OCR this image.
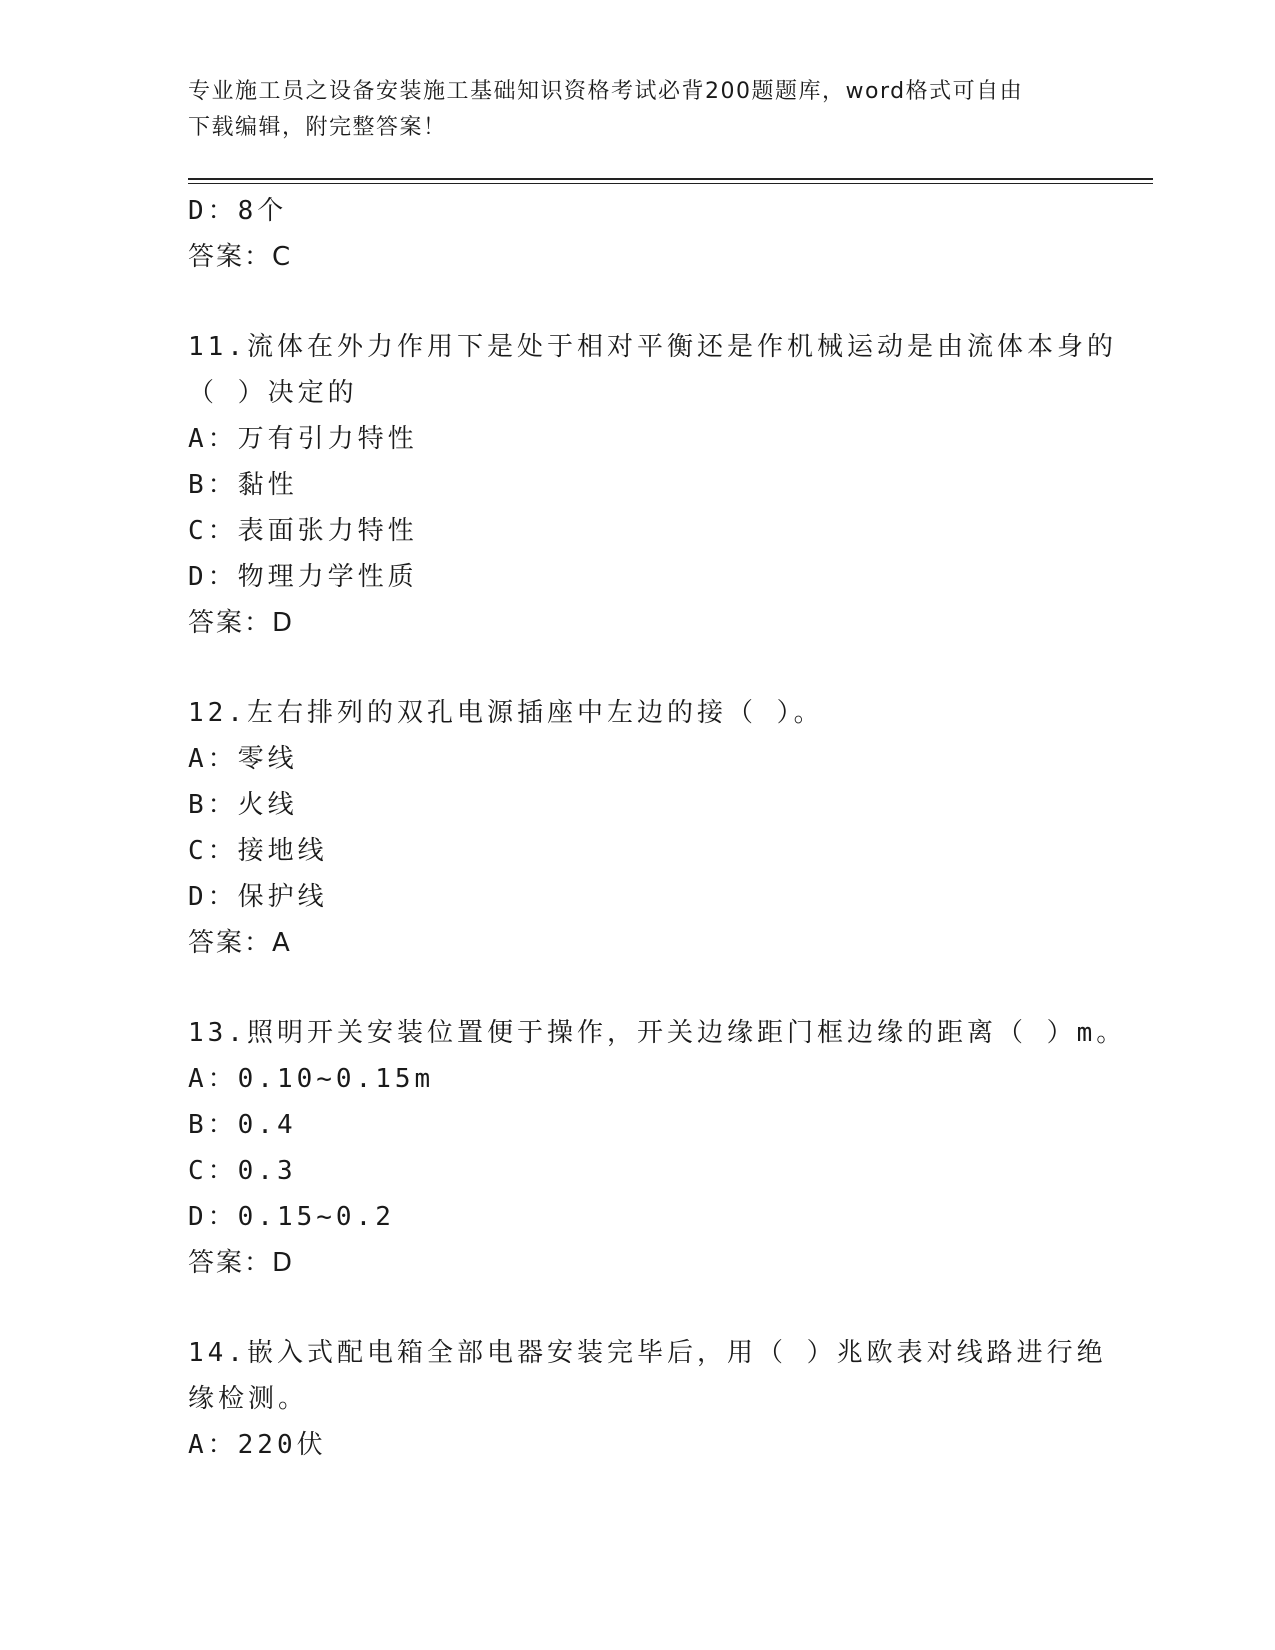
专业施工员之设备安装施工基础知识资格考试必背200题题库，word格式可自由
下载编辑，附完整答案！
D：8个
答案：C
11.流体在外力作用下是处于相对平衡还是作机械运动是由流体本身的
（ ）决定的
A：万有引力特性
B：黏性
C：表面张力特性
D：物理力学性质
答案：D
12.左右排列的双孔电源插座中左边的接（ ）。
A：零线
B：火线
C：接地线
D：保护线
答案：A
13.照明开关安装位置便于操作，开关边缘距门框边缘的距离（ ）m。
A：0.10~0.15m
B：0.4
C：0.3
D：0.15~0.2
答案：D
14.嵌入式配电箱全部电器安装完毕后，用（ ）兆欧表对线路进行绝
缘检测。
A：220伏
